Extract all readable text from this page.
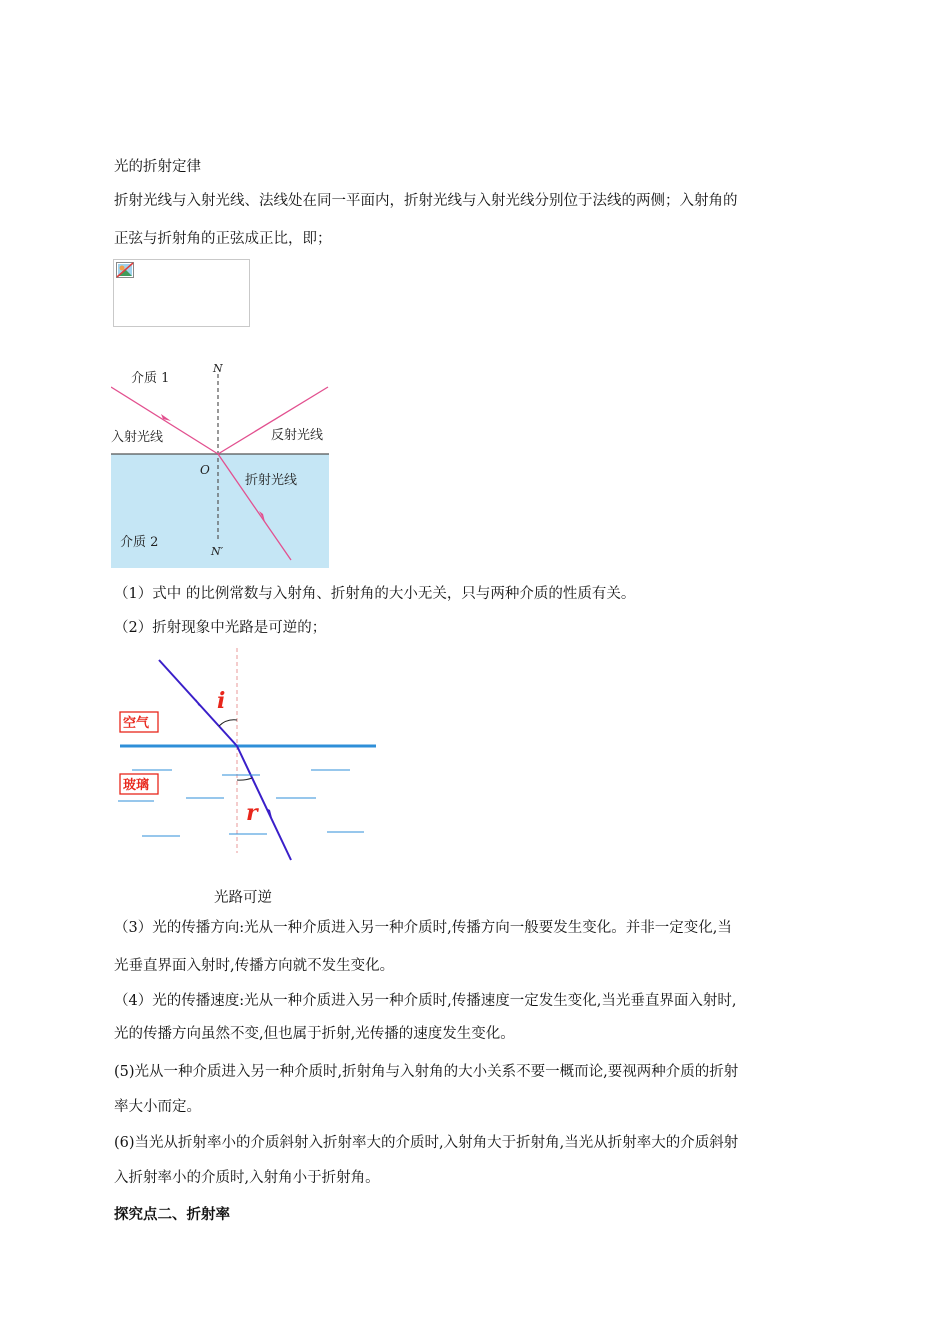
光的折射定律
折射光线与入射光线、法线处在同一平面内，折射光线与入射光线分别位于法线的两侧；入射角的
正弦与折射角的正弦成正比，即；
介质 1
N
入射光线	反射光线
O
折射光线
介质 2
N′
（1）式中 的比例常数与入射角、折射角的大小无关，只与两种介质的性质有关。
（2）折射现象中光路是可逆的；
i
r
空气
玻璃
光路可逆
（3）光的传播方向:光从一种介质进入另一种介质时,传播方向一般要发生变化。并非一定变化,当
光垂直界面入射时,传播方向就不发生变化。
（4）光的传播速度:光从一种介质进入另一种介质时,传播速度一定发生变化,当光垂直界面入射时,
光的传播方向虽然不变,但也属于折射,光传播的速度发生变化。
(5)光从一种介质进入另一种介质时,折射角与入射角的大小关系不要一概而论,要视两种介质的折射
率大小而定。
(6)当光从折射率小的介质斜射入折射率大的介质时,入射角大于折射角,当光从折射率大的介质斜射
入折射率小的介质时,入射角小于折射角。
探究点二、折射率
